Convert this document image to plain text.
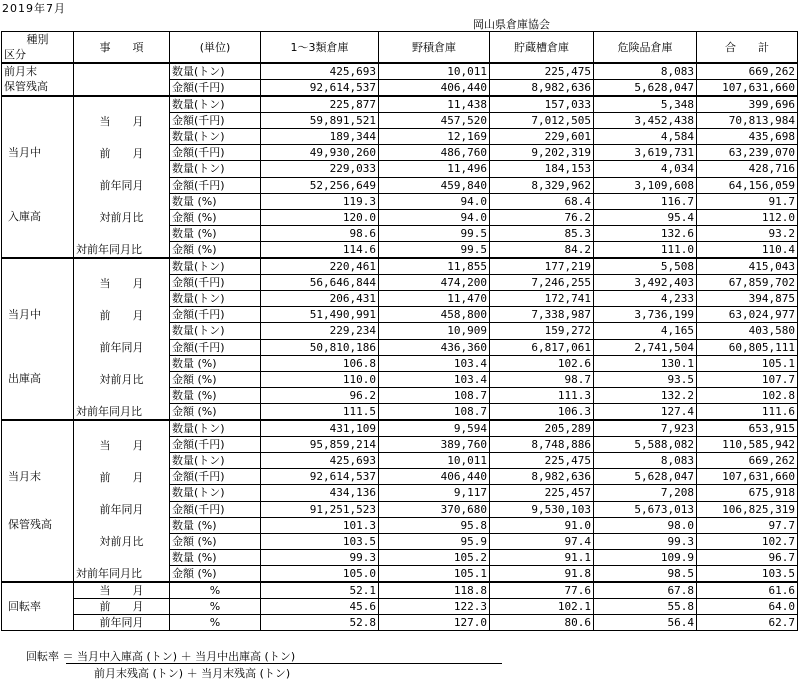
2019年7月
岡山県倉庫協会
種別	事　　項	(単位)	1～3類倉庫	野積倉庫	貯蔵槽倉庫	危険品倉庫	合　　計
区分							

前月末
保管残高		数量(トン)	425,693	10,011	225,475	8,083	669,262
		金額(千円)	92,614,537	406,440	8,982,636	5,628,047	107,631,660

当月中
入庫高	当　　月	数量(トン)	225,877	11,438	157,033	5,348	399,696
		金額(千円)	59,891,521	457,520	7,012,505	3,452,438	70,813,984
	前　　月	数量(トン)	189,344	12,169	229,601	4,584	435,698
		金額(千円)	49,930,260	486,760	9,202,319	3,619,731	63,239,070
	前年同月	数量(トン)	229,033	11,496	184,153	4,034	428,716
		金額(千円)	52,256,649	459,840	8,329,962	3,109,608	64,156,059
	対前月比	数量 (%)	119.3	94.0	68.4	116.7	91.7
		金額 (%)	120.0	94.0	76.2	95.4	112.0
	対前年同月比	数量 (%)	98.6	99.5	85.3	132.6	93.2
		金額 (%)	114.6	99.5	84.2	111.0	110.4

当月中
出庫高	当　　月	数量(トン)	220,461	11,855	177,219	5,508	415,043
		金額(千円)	56,646,844	474,200	7,246,255	3,492,403	67,859,702
	前　　月	数量(トン)	206,431	11,470	172,741	4,233	394,875
		金額(千円)	51,490,991	458,800	7,338,987	3,736,199	63,024,977
	前年同月	数量(トン)	229,234	10,909	159,272	4,165	403,580
		金額(千円)	50,810,186	436,360	6,817,061	2,741,504	60,805,111
	対前月比	数量 (%)	106.8	103.4	102.6	130.1	105.1
		金額 (%)	110.0	103.4	98.7	93.5	107.7
	対前年同月比	数量 (%)	96.2	108.7	111.3	132.2	102.8
		金額 (%)	111.5	108.7	106.3	127.4	111.6

当月末
保管残高	当　　月	数量(トン)	431,109	9,594	205,289	7,923	653,915
		金額(千円)	95,859,214	389,760	8,748,886	5,588,082	110,585,942
	前　　月	数量(トン)	425,693	10,011	225,475	8,083	669,262
		金額(千円)	92,614,537	406,440	8,982,636	5,628,047	107,631,660
	前年同月	数量(トン)	434,136	9,117	225,457	7,208	675,918
		金額(千円)	91,251,523	370,680	9,530,103	5,673,013	106,825,319
	対前月比	数量 (%)	101.3	95.8	91.0	98.0	97.7
		金額 (%)	103.5	95.9	97.4	99.3	102.7
	対前年同月比	数量 (%)	99.3	105.2	91.1	109.9	96.7
		金額 (%)	105.0	105.1	91.8	98.5	103.5
回転率	当　　月	%	52.1	118.8	77.6	67.8	61.6
	前　　月	%	45.6	122.3	102.1	55.8	64.0
	前年同月	%	52.8	127.0	80.6	56.4	62.7
回転率 ＝ 当月中入庫高 (トン) ＋ 当月中出庫高 (トン)
前月末残高 (トン) ＋ 当月末残高 (トン)
